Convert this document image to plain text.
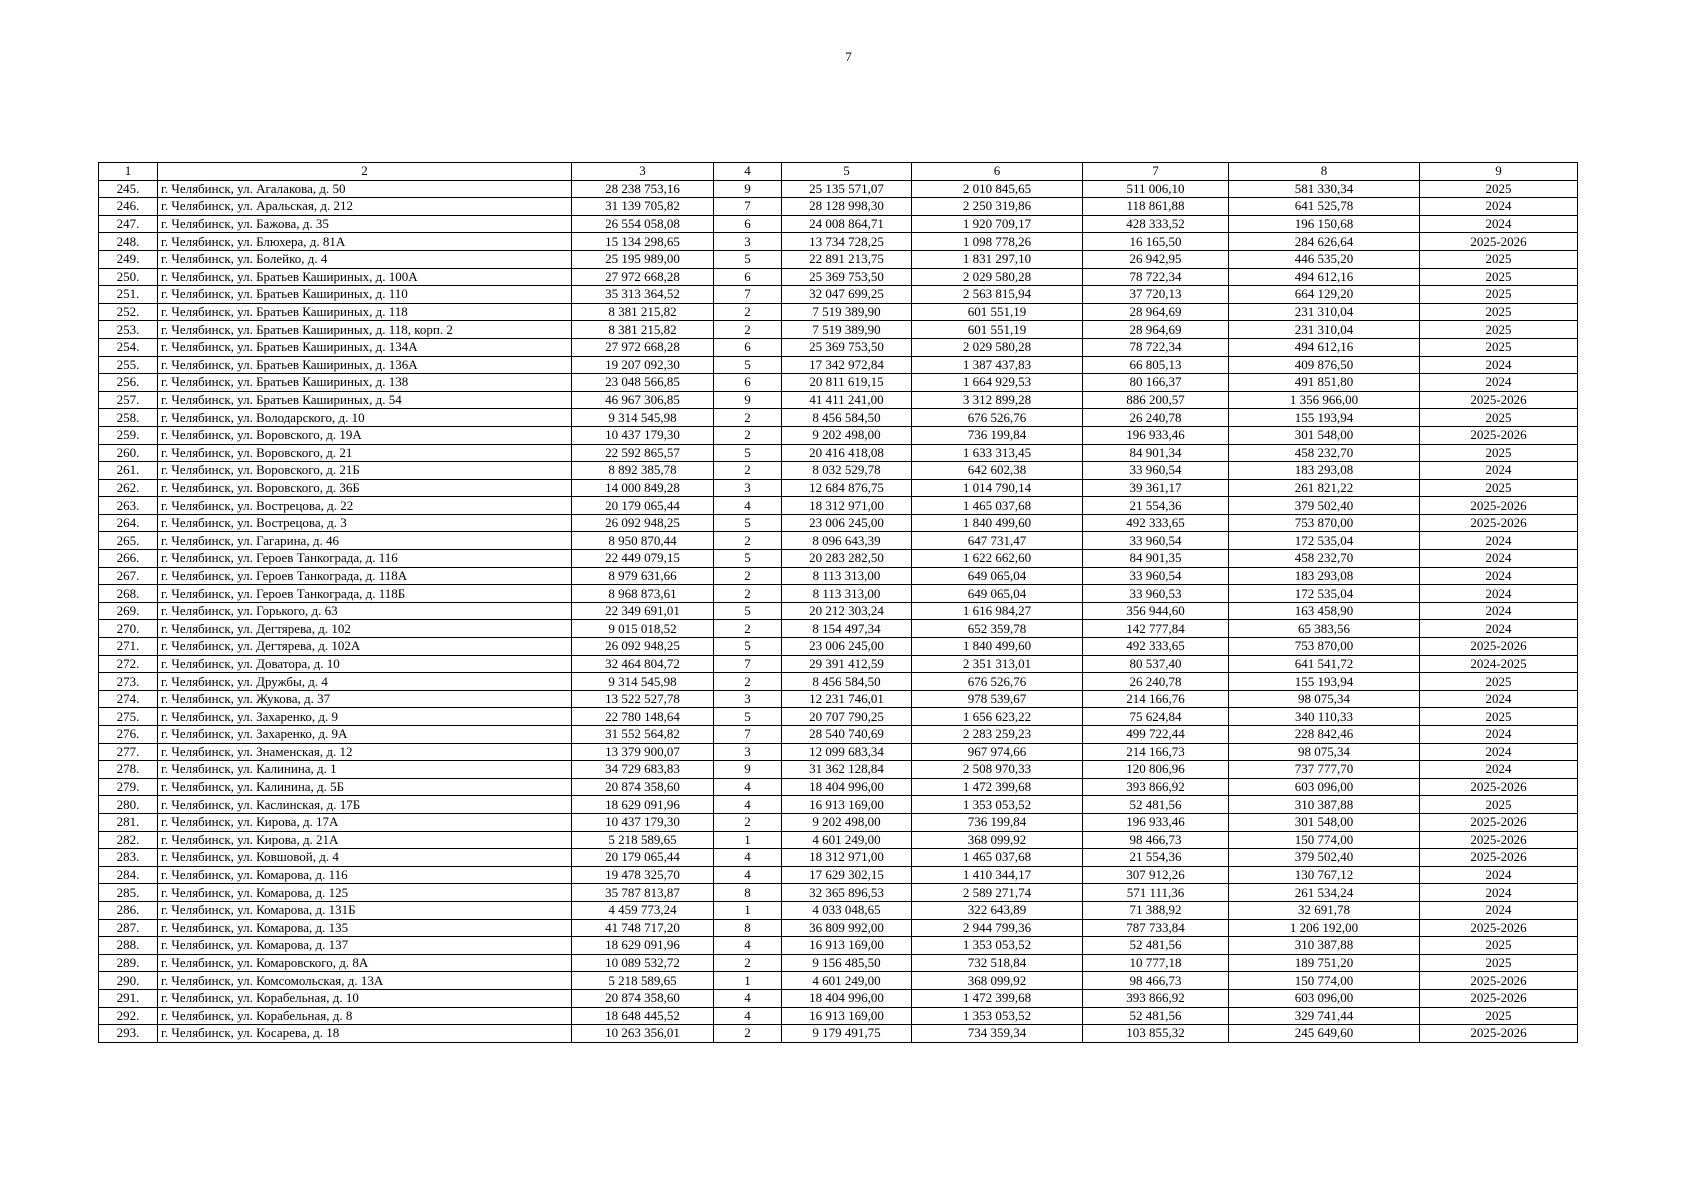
7
1	2	3	4	5	6	7	8	9
245.	г. Челябинск, ул. Агалакова, д. 50	28 238 753,16	9	25 135 571,07	2 010 845,65	511 006,10	581 330,34	2025
246.	г. Челябинск, ул. Аральская, д. 212	31 139 705,82	7	28 128 998,30	2 250 319,86	118 861,88	641 525,78	2024
247.	г. Челябинск, ул. Бажова, д. 35	26 554 058,08	6	24 008 864,71	1 920 709,17	428 333,52	196 150,68	2024
248.	г. Челябинск, ул. Блюхера, д. 81А	15 134 298,65	3	13 734 728,25	1 098 778,26	16 165,50	284 626,64	2025-2026
249.	г. Челябинск, ул. Болейко, д. 4	25 195 989,00	5	22 891 213,75	1 831 297,10	26 942,95	446 535,20	2025
250.	г. Челябинск, ул. Братьев Кашириных, д. 100А	27 972 668,28	6	25 369 753,50	2 029 580,28	78 722,34	494 612,16	2025
251.	г. Челябинск, ул. Братьев Кашириных, д. 110	35 313 364,52	7	32 047 699,25	2 563 815,94	37 720,13	664 129,20	2025
252.	г. Челябинск, ул. Братьев Кашириных, д. 118	8 381 215,82	2	7 519 389,90	601 551,19	28 964,69	231 310,04	2025
253.	г. Челябинск, ул. Братьев Кашириных, д. 118, корп. 2	8 381 215,82	2	7 519 389,90	601 551,19	28 964,69	231 310,04	2025
254.	г. Челябинск, ул. Братьев Кашириных, д. 134А	27 972 668,28	6	25 369 753,50	2 029 580,28	78 722,34	494 612,16	2025
255.	г. Челябинск, ул. Братьев Кашириных, д. 136А	19 207 092,30	5	17 342 972,84	1 387 437,83	66 805,13	409 876,50	2024
256.	г. Челябинск, ул. Братьев Кашириных, д. 138	23 048 566,85	6	20 811 619,15	1 664 929,53	80 166,37	491 851,80	2024
257.	г. Челябинск, ул. Братьев Кашириных, д. 54	46 967 306,85	9	41 411 241,00	3 312 899,28	886 200,57	1 356 966,00	2025-2026
258.	г. Челябинск, ул. Володарского, д. 10	9 314 545,98	2	8 456 584,50	676 526,76	26 240,78	155 193,94	2025
259.	г. Челябинск, ул. Воровского, д. 19А	10 437 179,30	2	9 202 498,00	736 199,84	196 933,46	301 548,00	2025-2026
260.	г. Челябинск, ул. Воровского, д. 21	22 592 865,57	5	20 416 418,08	1 633 313,45	84 901,34	458 232,70	2025
261.	г. Челябинск, ул. Воровского, д. 21Б	8 892 385,78	2	8 032 529,78	642 602,38	33 960,54	183 293,08	2024
262.	г. Челябинск, ул. Воровского, д. 36Б	14 000 849,28	3	12 684 876,75	1 014 790,14	39 361,17	261 821,22	2025
263.	г. Челябинск, ул. Вострецова, д. 22	20 179 065,44	4	18 312 971,00	1 465 037,68	21 554,36	379 502,40	2025-2026
264.	г. Челябинск, ул. Вострецова, д. 3	26 092 948,25	5	23 006 245,00	1 840 499,60	492 333,65	753 870,00	2025-2026
265.	г. Челябинск, ул. Гагарина, д. 46	8 950 870,44	2	8 096 643,39	647 731,47	33 960,54	172 535,04	2024
266.	г. Челябинск, ул. Героев Танкограда, д. 116	22 449 079,15	5	20 283 282,50	1 622 662,60	84 901,35	458 232,70	2024
267.	г. Челябинск, ул. Героев Танкограда, д. 118А	8 979 631,66	2	8 113 313,00	649 065,04	33 960,54	183 293,08	2024
268.	г. Челябинск, ул. Героев Танкограда, д. 118Б	8 968 873,61	2	8 113 313,00	649 065,04	33 960,53	172 535,04	2024
269.	г. Челябинск, ул. Горького, д. 63	22 349 691,01	5	20 212 303,24	1 616 984,27	356 944,60	163 458,90	2024
270.	г. Челябинск, ул. Дегтярева, д. 102	9 015 018,52	2	8 154 497,34	652 359,78	142 777,84	65 383,56	2024
271.	г. Челябинск, ул. Дегтярева, д. 102А	26 092 948,25	5	23 006 245,00	1 840 499,60	492 333,65	753 870,00	2025-2026
272.	г. Челябинск, ул. Доватора, д. 10	32 464 804,72	7	29 391 412,59	2 351 313,01	80 537,40	641 541,72	2024-2025
273.	г. Челябинск, ул. Дружбы, д. 4	9 314 545,98	2	8 456 584,50	676 526,76	26 240,78	155 193,94	2025
274.	г. Челябинск, ул. Жукова, д. 37	13 522 527,78	3	12 231 746,01	978 539,67	214 166,76	98 075,34	2024
275.	г. Челябинск, ул. Захаренко, д. 9	22 780 148,64	5	20 707 790,25	1 656 623,22	75 624,84	340 110,33	2025
276.	г. Челябинск, ул. Захаренко, д. 9А	31 552 564,82	7	28 540 740,69	2 283 259,23	499 722,44	228 842,46	2024
277.	г. Челябинск, ул. Знаменская, д. 12	13 379 900,07	3	12 099 683,34	967 974,66	214 166,73	98 075,34	2024
278.	г. Челябинск, ул. Калинина, д. 1	34 729 683,83	9	31 362 128,84	2 508 970,33	120 806,96	737 777,70	2024
279.	г. Челябинск, ул. Калинина, д. 5Б	20 874 358,60	4	18 404 996,00	1 472 399,68	393 866,92	603 096,00	2025-2026
280.	г. Челябинск, ул. Каслинская, д. 17Б	18 629 091,96	4	16 913 169,00	1 353 053,52	52 481,56	310 387,88	2025
281.	г. Челябинск, ул. Кирова, д. 17А	10 437 179,30	2	9 202 498,00	736 199,84	196 933,46	301 548,00	2025-2026
282.	г. Челябинск, ул. Кирова, д. 21А	5 218 589,65	1	4 601 249,00	368 099,92	98 466,73	150 774,00	2025-2026
283.	г. Челябинск, ул. Ковшовой, д. 4	20 179 065,44	4	18 312 971,00	1 465 037,68	21 554,36	379 502,40	2025-2026
284.	г. Челябинск, ул. Комарова, д. 116	19 478 325,70	4	17 629 302,15	1 410 344,17	307 912,26	130 767,12	2024
285.	г. Челябинск, ул. Комарова, д. 125	35 787 813,87	8	32 365 896,53	2 589 271,74	571 111,36	261 534,24	2024
286.	г. Челябинск, ул. Комарова, д. 131Б	4 459 773,24	1	4 033 048,65	322 643,89	71 388,92	32 691,78	2024
287.	г. Челябинск, ул. Комарова, д. 135	41 748 717,20	8	36 809 992,00	2 944 799,36	787 733,84	1 206 192,00	2025-2026
288.	г. Челябинск, ул. Комарова, д. 137	18 629 091,96	4	16 913 169,00	1 353 053,52	52 481,56	310 387,88	2025
289.	г. Челябинск, ул. Комаровского, д. 8А	10 089 532,72	2	9 156 485,50	732 518,84	10 777,18	189 751,20	2025
290.	г. Челябинск, ул. Комсомольская, д. 13А	5 218 589,65	1	4 601 249,00	368 099,92	98 466,73	150 774,00	2025-2026
291.	г. Челябинск, ул. Корабельная, д. 10	20 874 358,60	4	18 404 996,00	1 472 399,68	393 866,92	603 096,00	2025-2026
292.	г. Челябинск, ул. Корабельная, д. 8	18 648 445,52	4	16 913 169,00	1 353 053,52	52 481,56	329 741,44	2025
293.	г. Челябинск, ул. Косарева, д. 18	10 263 356,01	2	9 179 491,75	734 359,34	103 855,32	245 649,60	2025-2026
